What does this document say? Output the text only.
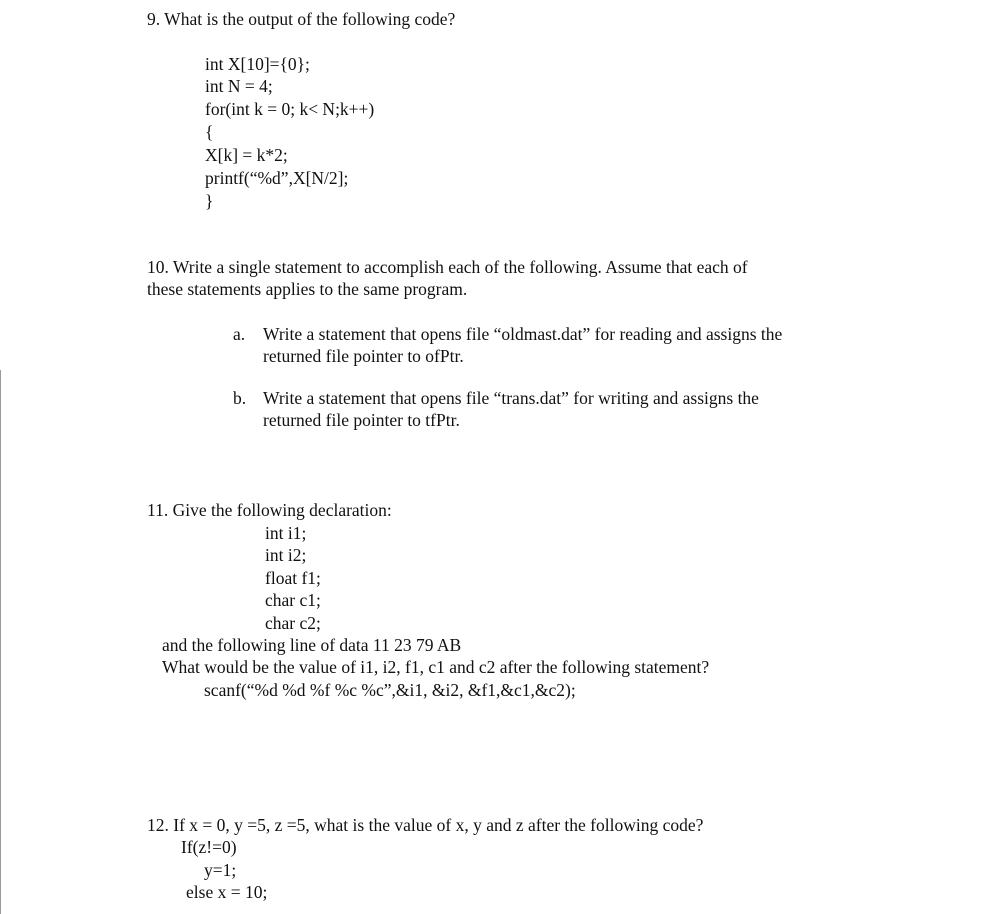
9. What is the output of the following code?
int X[10]={0};
int N = 4;
for(int k = 0; k< N;k++)
{
X[k] = k*2;
printf(“%d”,X[N/2];
}
10. Write a single statement to accomplish each of the following. Assume that each of
these statements applies to the same program.
a. Write a statement that opens file “oldmast.dat” for reading and assigns the
returned file pointer to ofPtr.
b. Write a statement that opens file “trans.dat” for writing and assigns the
returned file pointer to tfPtr.
11. Give the following declaration:
int i1;
int i2;
float f1;
char c1;
char c2;
and the following line of data 11 23 79 AB
What would be the value of i1, i2, f1, c1 and c2 after the following statement?
scanf(“%d %d %f %c %c”,&i1, &i2, &f1,&c1,&c2);
12. If x = 0, y =5, z =5, what is the value of x, y and z after the following code?
If(z!=0)
y=1;
else x = 10;
